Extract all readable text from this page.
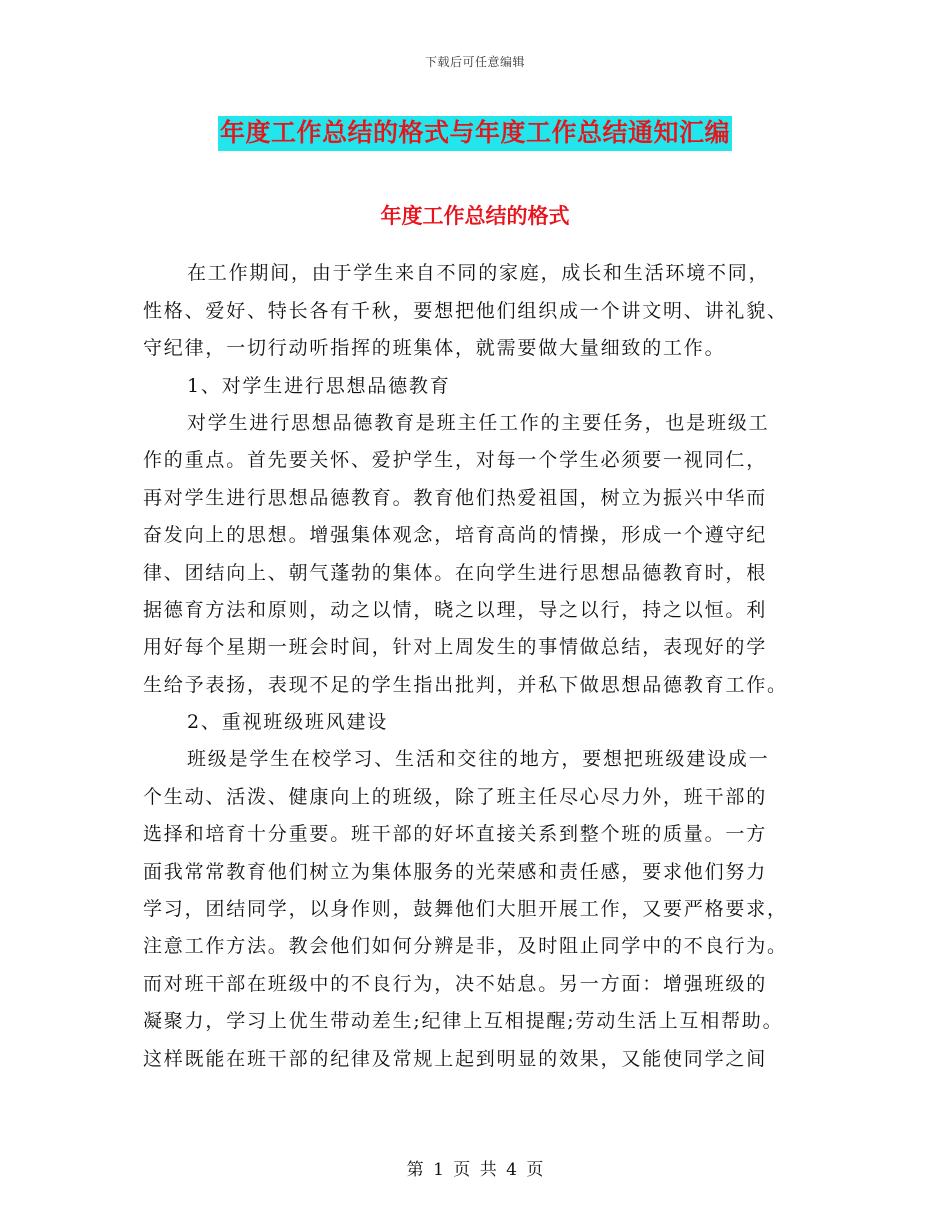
下载后可任意编辑
年度工作总结的格式与年度工作总结通知汇编
年度工作总结的格式
在工作期间，由于学生来自不同的家庭，成长和生活环境不同，
性格、爱好、特长各有千秋，要想把他们组织成一个讲文明、讲礼貌、
守纪律，一切行动听指挥的班集体，就需要做大量细致的工作。
1、对学生进行思想品德教育
对学生进行思想品德教育是班主任工作的主要任务，也是班级工
作的重点。首先要关怀、爱护学生，对每一个学生必须要一视同仁，
再对学生进行思想品德教育。教育他们热爱祖国，树立为振兴中华而
奋发向上的思想。增强集体观念，培育高尚的情操，形成一个遵守纪
律、团结向上、朝气蓬勃的集体。在向学生进行思想品德教育时，根
据德育方法和原则，动之以情，晓之以理，导之以行，持之以恒。利
用好每个星期一班会时间，针对上周发生的事情做总结，表现好的学
生给予表扬，表现不足的学生指出批判，并私下做思想品德教育工作。
2、重视班级班风建设
班级是学生在校学习、生活和交往的地方，要想把班级建设成一
个生动、活泼、健康向上的班级，除了班主任尽心尽力外，班干部的
选择和培育十分重要。班干部的好坏直接关系到整个班的质量。一方
面我常常教育他们树立为集体服务的光荣感和责任感，要求他们努力
学习，团结同学，以身作则，鼓舞他们大胆开展工作，又要严格要求，
注意工作方法。教会他们如何分辨是非，及时阻止同学中的不良行为。
而对班干部在班级中的不良行为，决不姑息。另一方面：增强班级的
凝聚力，学习上优生带动差生;纪律上互相提醒;劳动生活上互相帮助。
这样既能在班干部的纪律及常规上起到明显的效果，又能使同学之间
第 1 页 共 4 页
